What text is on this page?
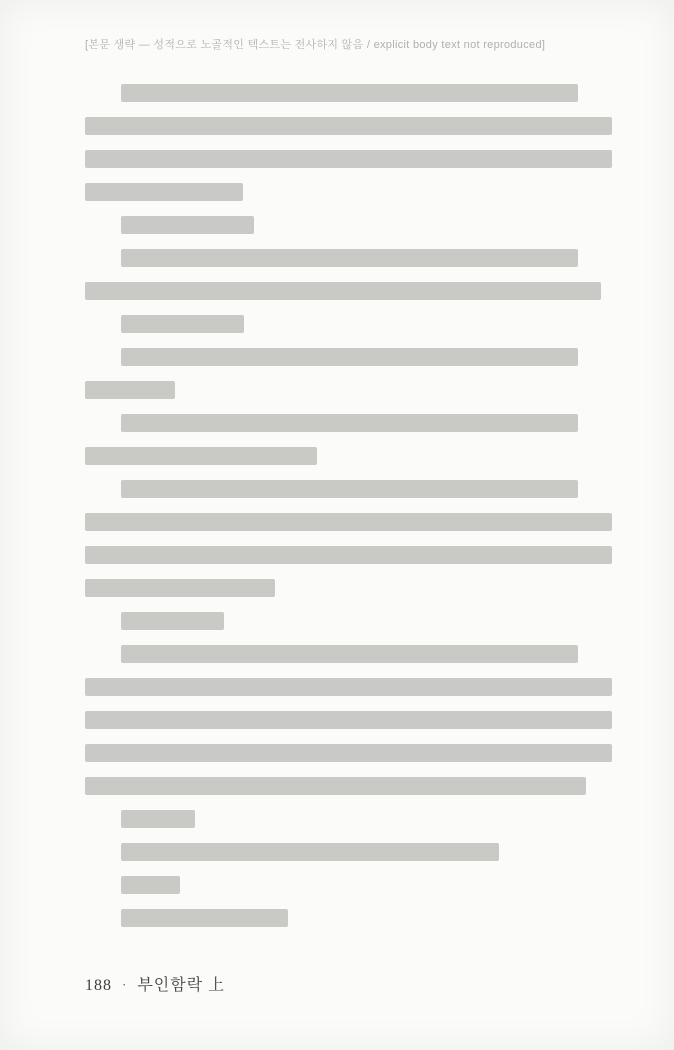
[본문 생략 — 성적으로 노골적인 텍스트는 전사하지 않음 / explicit body text not reproduced]
188 · 부인함락 上
